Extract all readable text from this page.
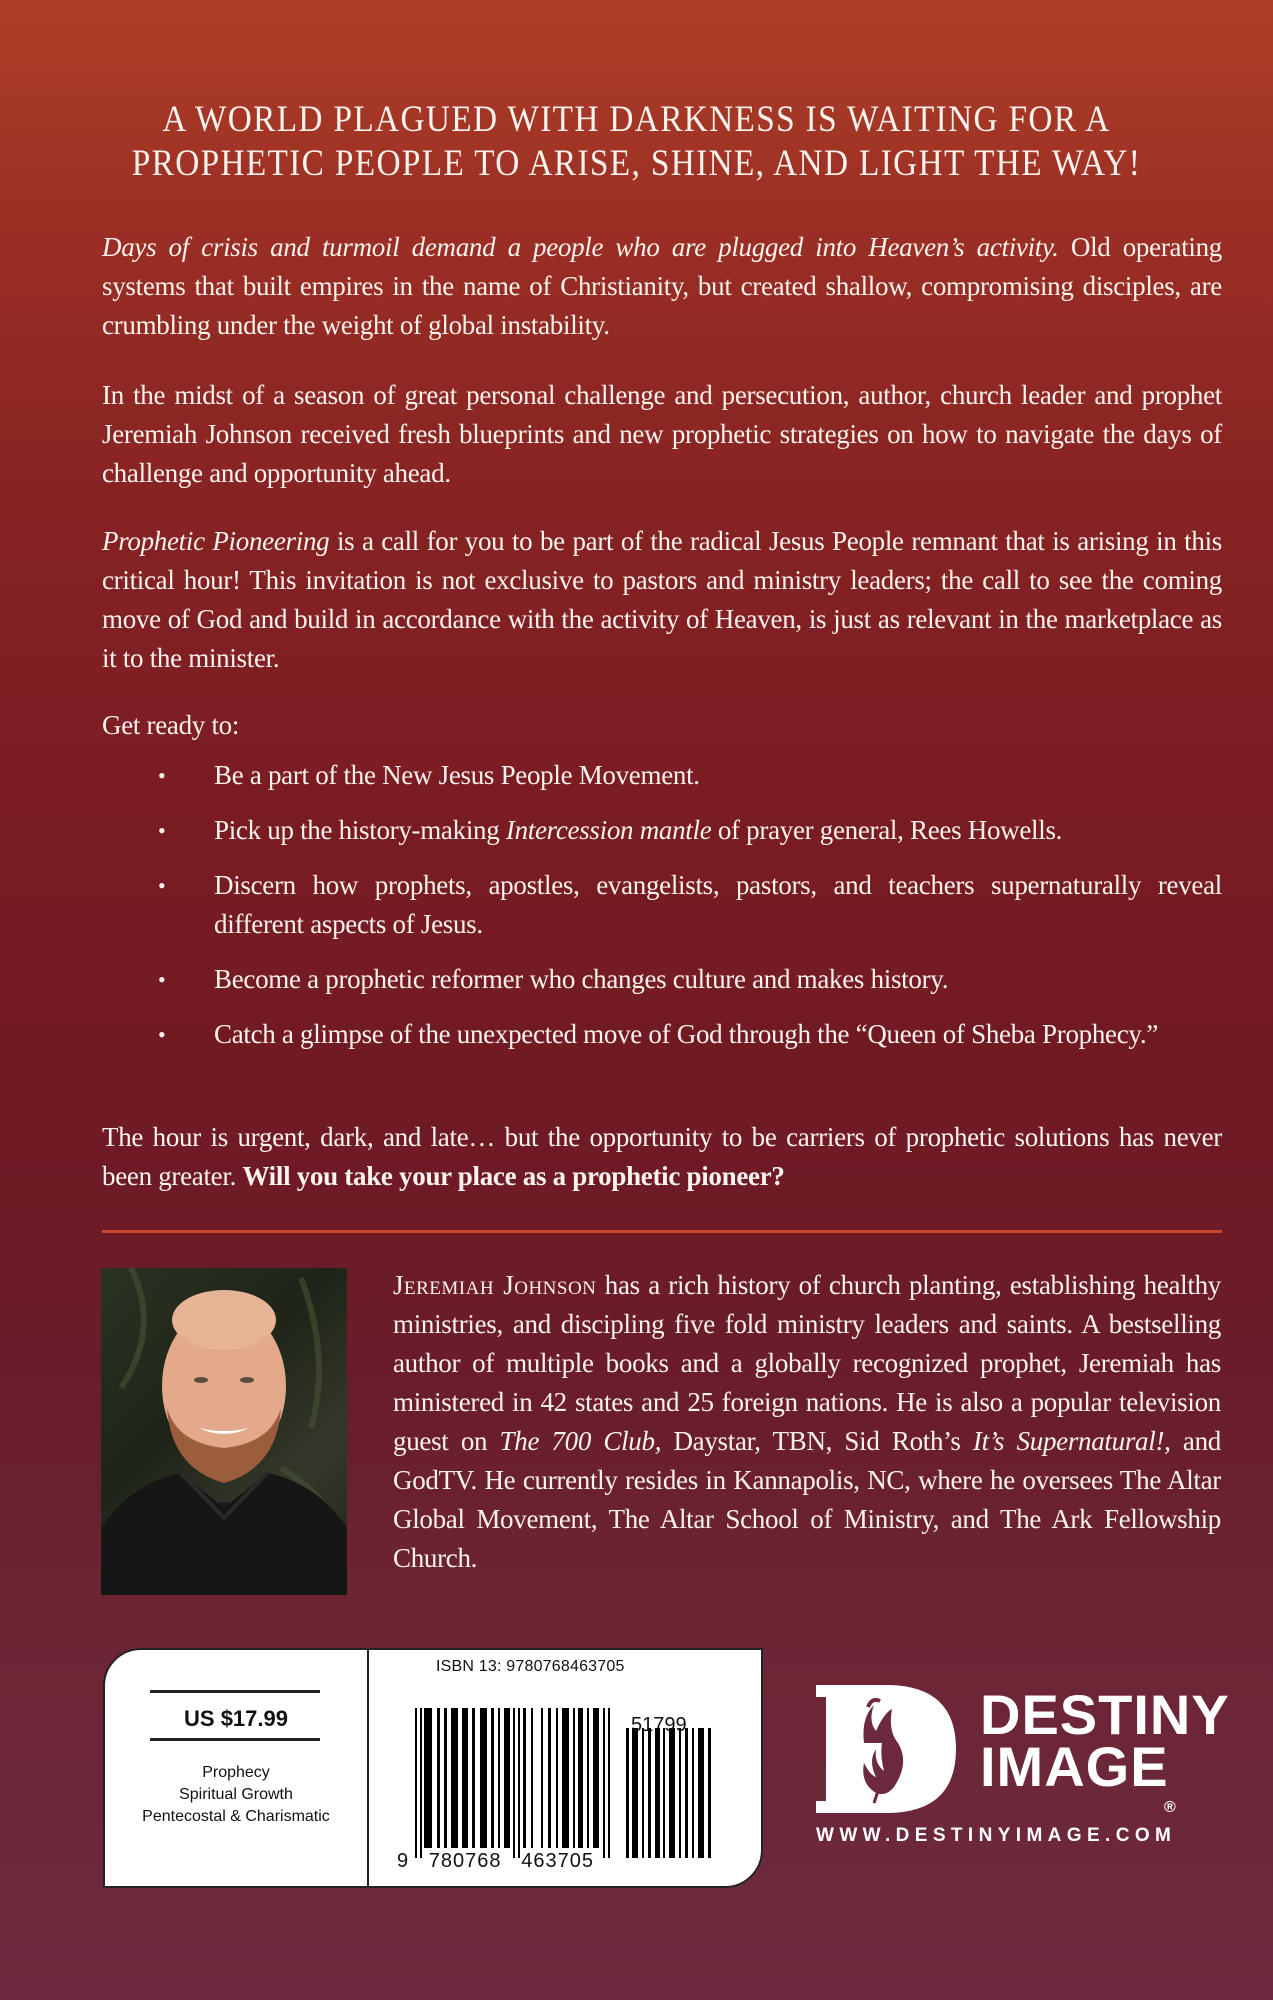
A WORLD PLAGUED WITH DARKNESS IS WAITING FOR A
PROPHETIC PEOPLE TO ARISE, SHINE, AND LIGHT THE WAY!

Days of crisis and turmoil demand a people who are plugged into Heaven’s activity. Old operating systems that built empires in the name of Christianity, but created shallow, compromising disciples, are crumbling under the weight of global instability.

In the midst of a season of great personal challenge and persecution, author, church leader and prophet Jeremiah Johnson received fresh blueprints and new prophetic strategies on how to navigate the days of challenge and opportunity ahead.

Prophetic Pioneering is a call for you to be part of the radical Jesus People remnant that is arising in this critical hour! This invitation is not exclusive to pastors and ministry leaders; the call to see the coming move of God and build in accordance with the activity of Heaven, is just as relevant in the marketplace as it to the minister.

Get ready to:

• Be a part of the New Jesus People Movement.
• Pick up the history-making Intercession mantle of prayer general, Rees Howells.
• Discern how prophets, apostles, evangelists, pastors, and teachers supernaturally reveal different aspects of Jesus.
• Become a prophetic reformer who changes culture and makes history.
• Catch a glimpse of the unexpected move of God through the “Queen of Sheba Prophecy.”

The hour is urgent, dark, and late… but the opportunity to be carriers of prophetic solutions has never been greater. Will you take your place as a prophetic pioneer?

Jeremiah Johnson has a rich history of church planting, establishing healthy ministries, and discipling five fold ministry leaders and saints. A bestselling author of multiple books and a globally recognized prophet, Jeremiah has ministered in 42 states and 25 foreign nations. He is also a popular television guest on The 700 Club, Daystar, TBN, Sid Roth’s It’s Supernatural!, and GodTV. He currently resides in Kannapolis, NC, where he oversees The Altar Global Movement, The Altar School of Ministry, and The Ark Fellowship Church.
US $17.99
Prophecy
Spiritual Growth
Pentecostal & Charismatic
ISBN 13: 9780768463705
9 780768 463705
51799	DESTINY
IMAGE
®
WWW.DESTINYIMAGE.COM
